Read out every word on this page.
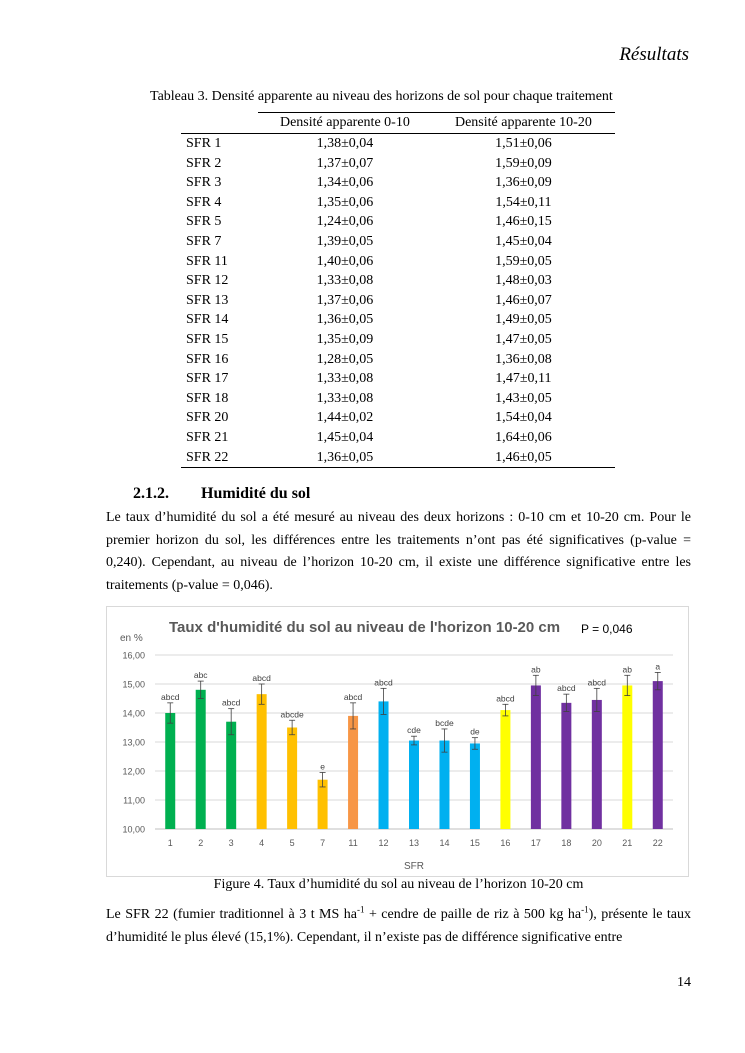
Résultats
Tableau 3. Densité apparente au niveau des horizons de sol pour chaque traitement
	Densité apparente 0-10	Densité apparente 10-20
SFR 1	1,38±0,04	1,51±0,06
SFR 2	1,37±0,07	1,59±0,09
SFR 3	1,34±0,06	1,36±0,09
SFR 4	1,35±0,06	1,54±0,11
SFR 5	1,24±0,06	1,46±0,15
SFR 7	1,39±0,05	1,45±0,04
SFR 11	1,40±0,06	1,59±0,05
SFR 12	1,33±0,08	1,48±0,03
SFR 13	1,37±0,06	1,46±0,07
SFR 14	1,36±0,05	1,49±0,05
SFR 15	1,35±0,09	1,47±0,05
SFR 16	1,28±0,05	1,36±0,08
SFR 17	1,33±0,08	1,47±0,11
SFR 18	1,33±0,08	1,43±0,05
SFR 20	1,44±0,02	1,54±0,04
SFR 21	1,45±0,04	1,64±0,06
SFR 22	1,36±0,05	1,46±0,05
2.1.2. Humidité du sol
Le taux d’humidité du sol a été mesuré au niveau des deux horizons : 0-10 cm et 10-20 cm. Pour le premier horizon du sol, les différences entre les traitements n’ont pas été significatives (p-value = 0,240). Cependant, au niveau de l’horizon 10-20 cm, il existe une différence significative entre les traitements (p-value = 0,046).
Taux d'humidité du sol au niveau de l'horizon 10-20 cm P = 0,046
en %
SFR
10,00
11,00
12,00
13,00
14,00
15,00
16,00
abcd
1
abc
2
abcd
3
abcd
4
abcde
5
e
7
abcd
11
abcd
12
cde
13
bcde
14
de
15
abcd
16
ab
17
abcd
18
abcd
20
ab
21
a
22
Figure 4. Taux d’humidité du sol au niveau de l’horizon 10-20 cm
Le SFR 22 (fumier traditionnel à 3 t MS $ha^{-1}$ + cendre de paille de riz à 500 kg $ha^{-1}$), présente le taux d’humidité le plus élevé (15,1%). Cependant, il n’existe pas de différence significative entre
14
